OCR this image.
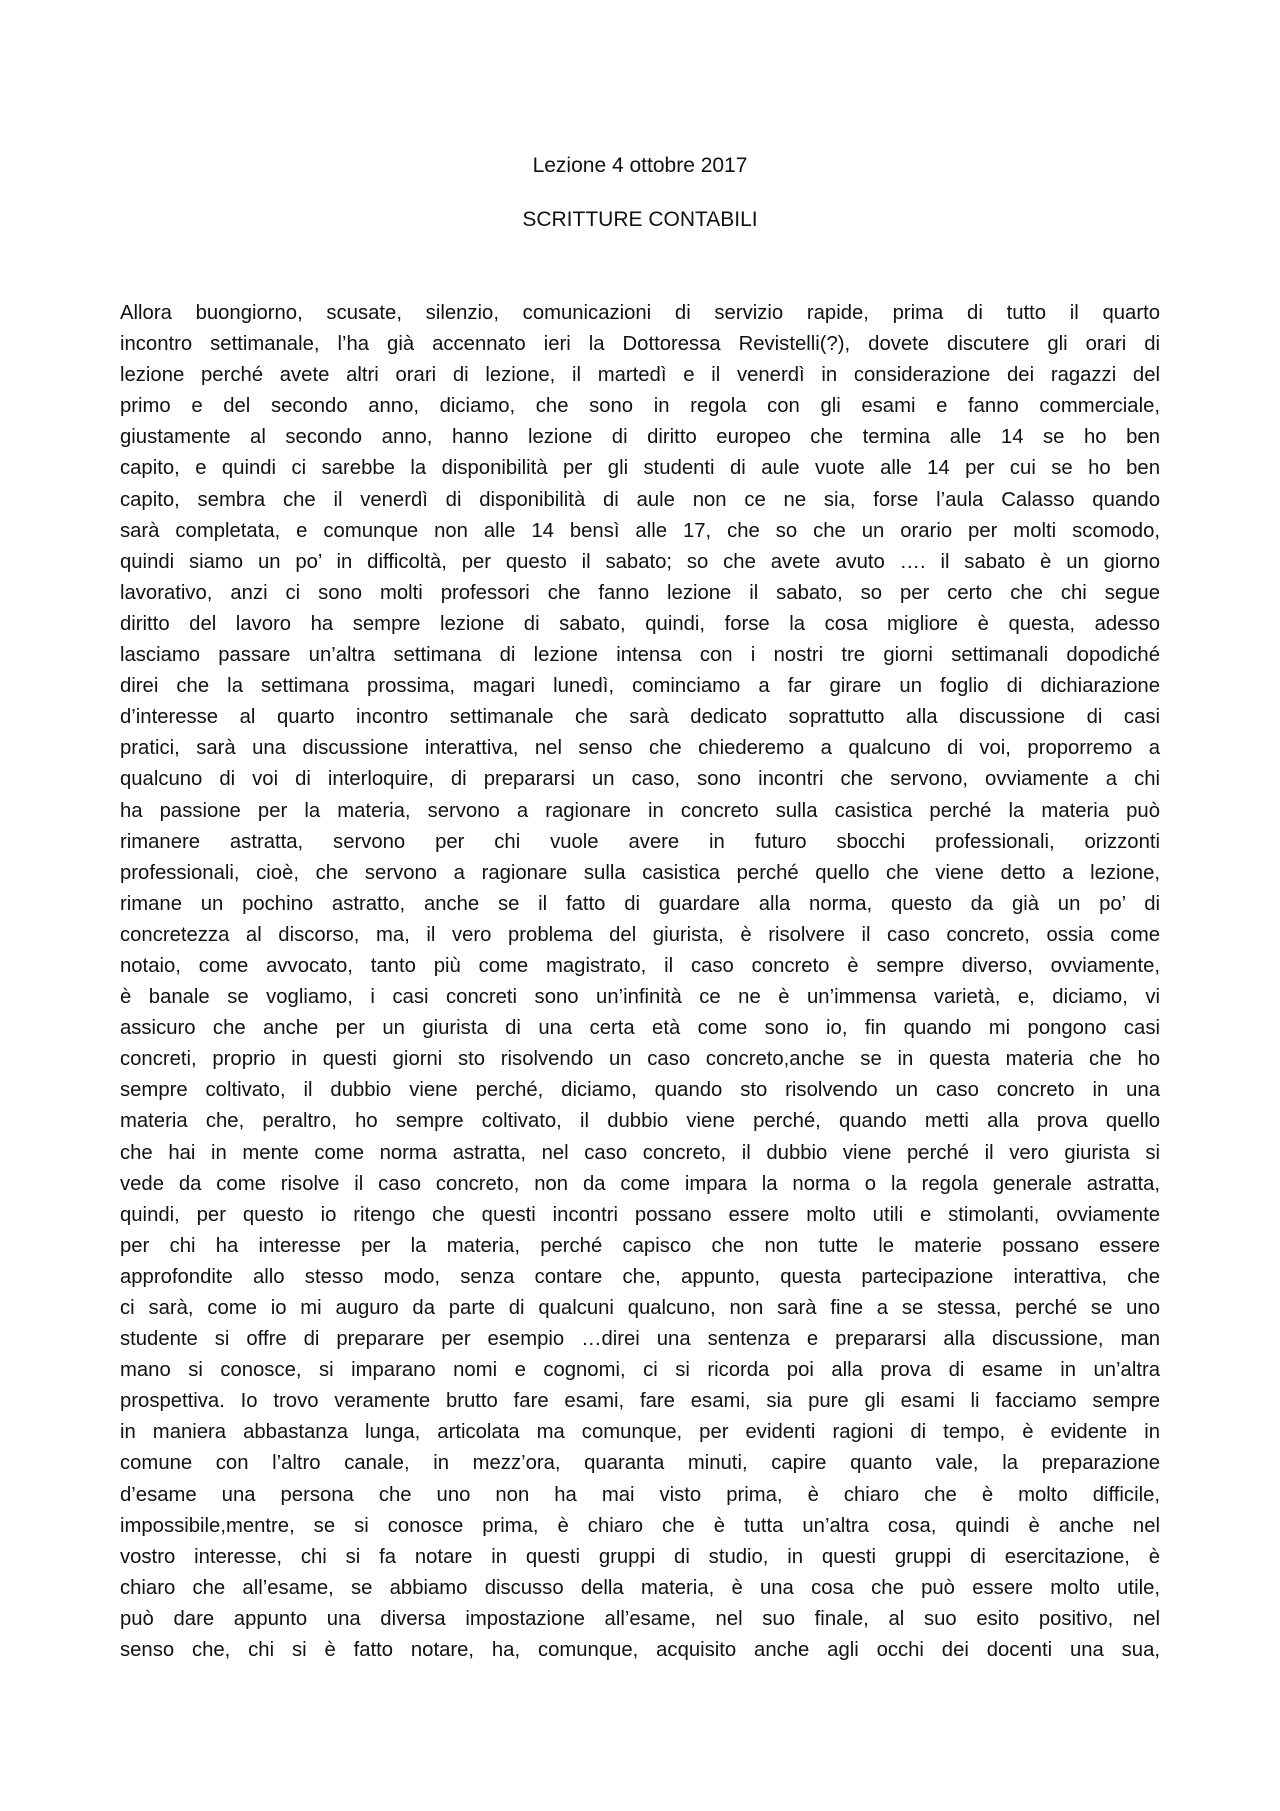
Lezione 4 ottobre 2017
SCRITTURE CONTABILI
Allora buongiorno, scusate, silenzio, comunicazioni di servizio rapide, prima di tutto il quarto
incontro settimanale, l’ha già accennato ieri la Dottoressa Revistelli(?), dovete discutere gli orari di
lezione perché avete altri orari di lezione, il martedì e il venerdì in considerazione dei ragazzi del
primo e del secondo anno, diciamo, che sono in regola con gli esami e fanno commerciale,
giustamente al secondo anno, hanno lezione di diritto europeo che termina alle 14 se ho ben
capito, e quindi ci sarebbe la disponibilità per gli studenti di aule vuote alle 14 per cui se ho ben
capito, sembra che il venerdì di disponibilità di aule non ce ne sia, forse l’aula Calasso quando
sarà completata, e comunque non alle 14 bensì alle 17, che so che un orario per molti scomodo,
quindi siamo un po’ in difficoltà, per questo il sabato; so che avete avuto …. il sabato è un giorno
lavorativo, anzi ci sono molti professori che fanno lezione il sabato, so per certo che chi segue
diritto del lavoro ha sempre lezione di sabato, quindi, forse la cosa migliore è questa, adesso
lasciamo passare un’altra settimana di lezione intensa con i nostri tre giorni settimanali dopodiché
direi che la settimana prossima, magari lunedì, cominciamo a far girare un foglio di dichiarazione
d’interesse al quarto incontro settimanale che sarà dedicato soprattutto alla discussione di casi
pratici, sarà una discussione interattiva, nel senso che chiederemo a qualcuno di voi, proporremo a
qualcuno di voi di interloquire, di prepararsi un caso, sono incontri che servono, ovviamente a chi
ha passione per la materia, servono a ragionare in concreto sulla casistica perché la materia può
rimanere astratta, servono per chi vuole avere in futuro sbocchi professionali, orizzonti
professionali, cioè, che servono a ragionare sulla casistica perché quello che viene detto a lezione,
rimane un pochino astratto, anche se il fatto di guardare alla norma, questo da già un po’ di
concretezza al discorso, ma, il vero problema del giurista, è risolvere il caso concreto, ossia come
notaio, come avvocato, tanto più come magistrato, il caso concreto è sempre diverso, ovviamente,
è banale se vogliamo, i casi concreti sono un’infinità ce ne è un’immensa varietà, e, diciamo, vi
assicuro che anche per un giurista di una certa età come sono io, fin quando mi pongono casi
concreti, proprio in questi giorni sto risolvendo un caso concreto,anche se in questa materia che ho
sempre coltivato, il dubbio viene perché, diciamo, quando sto risolvendo un caso concreto in una
materia che, peraltro, ho sempre coltivato, il dubbio viene perché, quando metti alla prova quello
che hai in mente come norma astratta, nel caso concreto, il dubbio viene perché il vero giurista si
vede da come risolve il caso concreto, non da come impara la norma o la regola generale astratta,
quindi, per questo io ritengo che questi incontri possano essere molto utili e stimolanti, ovviamente
per chi ha interesse per la materia, perché capisco che non tutte le materie possano essere
approfondite allo stesso modo, senza contare che, appunto, questa partecipazione interattiva, che
ci sarà, come io mi auguro da parte di qualcuni qualcuno, non sarà fine a se stessa, perché se uno
studente si offre di preparare per esempio …direi una sentenza e prepararsi alla discussione, man
mano si conosce, si imparano nomi e cognomi, ci si ricorda poi alla prova di esame in un’altra
prospettiva. Io trovo veramente brutto fare esami, fare esami, sia pure gli esami li facciamo sempre
in maniera abbastanza lunga, articolata ma comunque, per evidenti ragioni di tempo, è evidente in
comune con l’altro canale, in mezz’ora, quaranta minuti, capire quanto vale, la preparazione
d’esame una persona che uno non ha mai visto prima, è chiaro che è molto difficile,
impossibile,mentre, se si conosce prima, è chiaro che è tutta un’altra cosa, quindi è anche nel
vostro interesse, chi si fa notare in questi gruppi di studio, in questi gruppi di esercitazione, è
chiaro che all’esame, se abbiamo discusso della materia, è una cosa che può essere molto utile,
può dare appunto una diversa impostazione all’esame, nel suo finale, al suo esito positivo, nel
senso che, chi si è fatto notare, ha, comunque, acquisito anche agli occhi dei docenti una sua,
